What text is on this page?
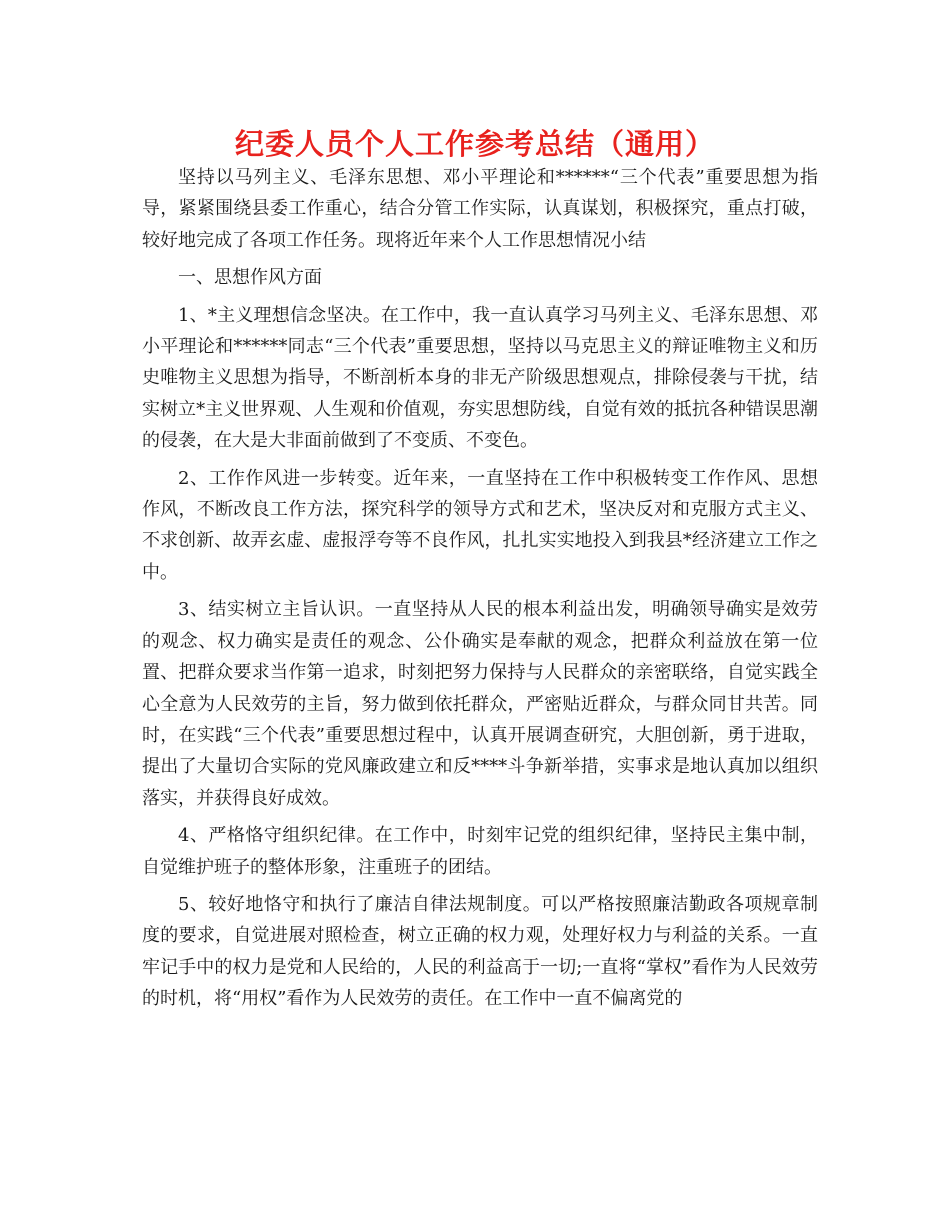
纪委人员个人工作参考总结（通用）

坚持以马列主义、毛泽东思想、邓小平理论和******“三个代表”重要思想为指导，紧紧围绕县委工作重心，结合分管工作实际，认真谋划，积极探究，重点打破，较好地完成了各项工作任务。现将近年来个人工作思想情况小结

一、思想作风方面

1、*主义理想信念坚决。在工作中，我一直认真学习马列主义、毛泽东思想、邓小平理论和******同志“三个代表”重要思想，坚持以马克思主义的辩证唯物主义和历史唯物主义思想为指导，不断剖析本身的非无产阶级思想观点，排除侵袭与干扰，结实树立*主义世界观、人生观和价值观，夯实思想防线，自觉有效的抵抗各种错误思潮的侵袭，在大是大非面前做到了不变质、不变色。

2、工作作风进一步转变。近年来，一直坚持在工作中积极转变工作作风、思想作风，不断改良工作方法，探究科学的领导方式和艺术，坚决反对和克服方式主义、不求创新、故弄玄虚、虚报浮夸等不良作风，扎扎实实地投入到我县*经济建立工作之中。

3、结实树立主旨认识。一直坚持从人民的根本利益出发，明确领导确实是效劳的观念、权力确实是责任的观念、公仆确实是奉献的观念，把群众利益放在第一位置、把群众要求当作第一追求，时刻把努力保持与人民群众的亲密联络，自觉实践全心全意为人民效劳的主旨，努力做到依托群众，严密贴近群众，与群众同甘共苦。同时，在实践“三个代表”重要思想过程中，认真开展调查研究，大胆创新，勇于进取，提出了大量切合实际的党风廉政建立和反****斗争新举措，实事求是地认真加以组织落实，并获得良好成效。

4、严格恪守组织纪律。在工作中，时刻牢记党的组织纪律，坚持民主集中制，自觉维护班子的整体形象，注重班子的团结。

5、较好地恪守和执行了廉洁自律法规制度。可以严格按照廉洁勤政各项规章制度的要求，自觉进展对照检查，树立正确的权力观，处理好权力与利益的关系。一直牢记手中的权力是党和人民给的，人民的利益高于一切;一直将“掌权”看作为人民效劳的时机，将“用权”看作为人民效劳的责任。在工作中一直不偏离党的
